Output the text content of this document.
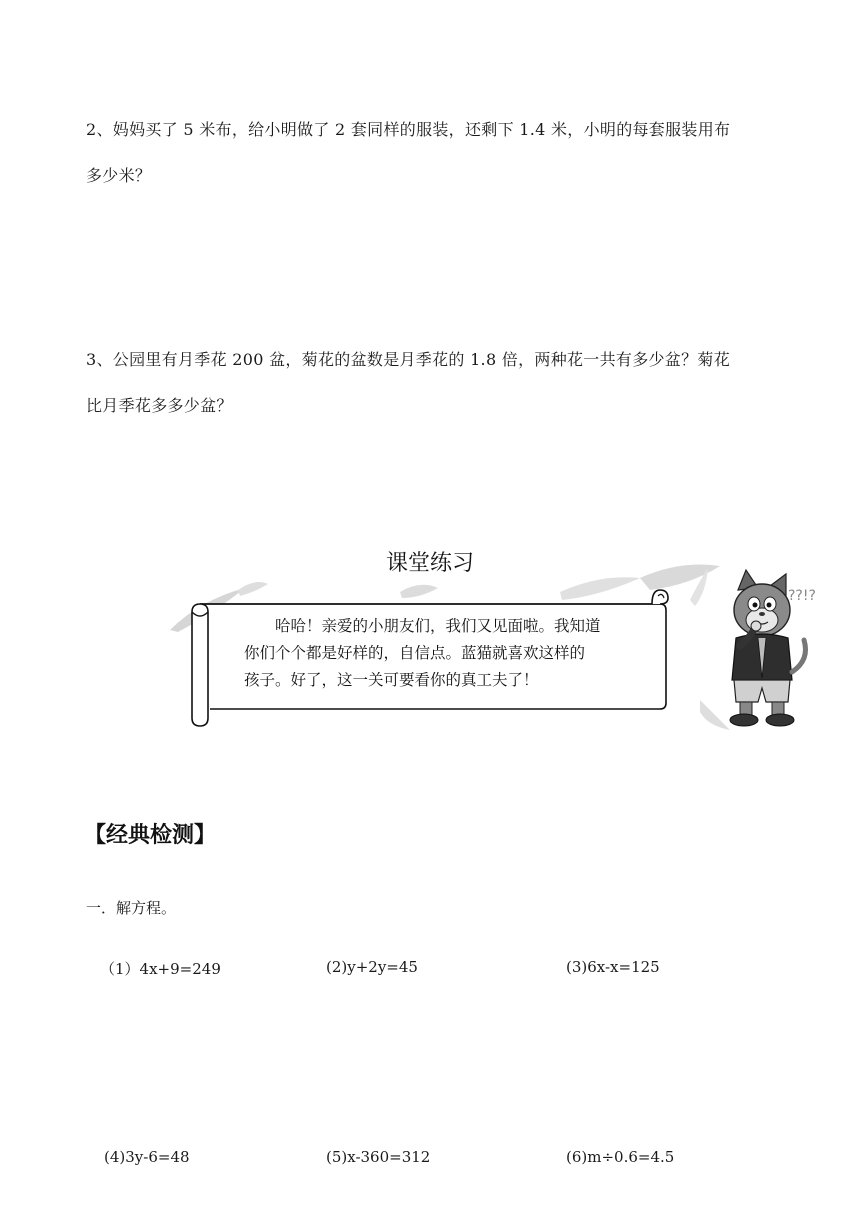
2、妈妈买了 5 米布，给小明做了 2 套同样的服装，还剩下 1.4 米，小明的每套服装用布
多少米？
3、公园里有月季花 200 盆，菊花的盆数是月季花的 1.8 倍，两种花一共有多少盆？菊花
比月季花多多少盆？
课堂练习
哈哈！亲爱的小朋友们，我们又见面啦。我知道
你们个个都是好样的，自信点。蓝猫就喜欢这样的
孩子。好了，这一关可要看你的真工夫了！
??!?
【经典检测】
一．解方程。
（1）4x+9=249	(2)y+2y=45	(3)6x-x=125
(4)3y-6=48	(5)x-360=312	(6)m÷0.6=4.5
